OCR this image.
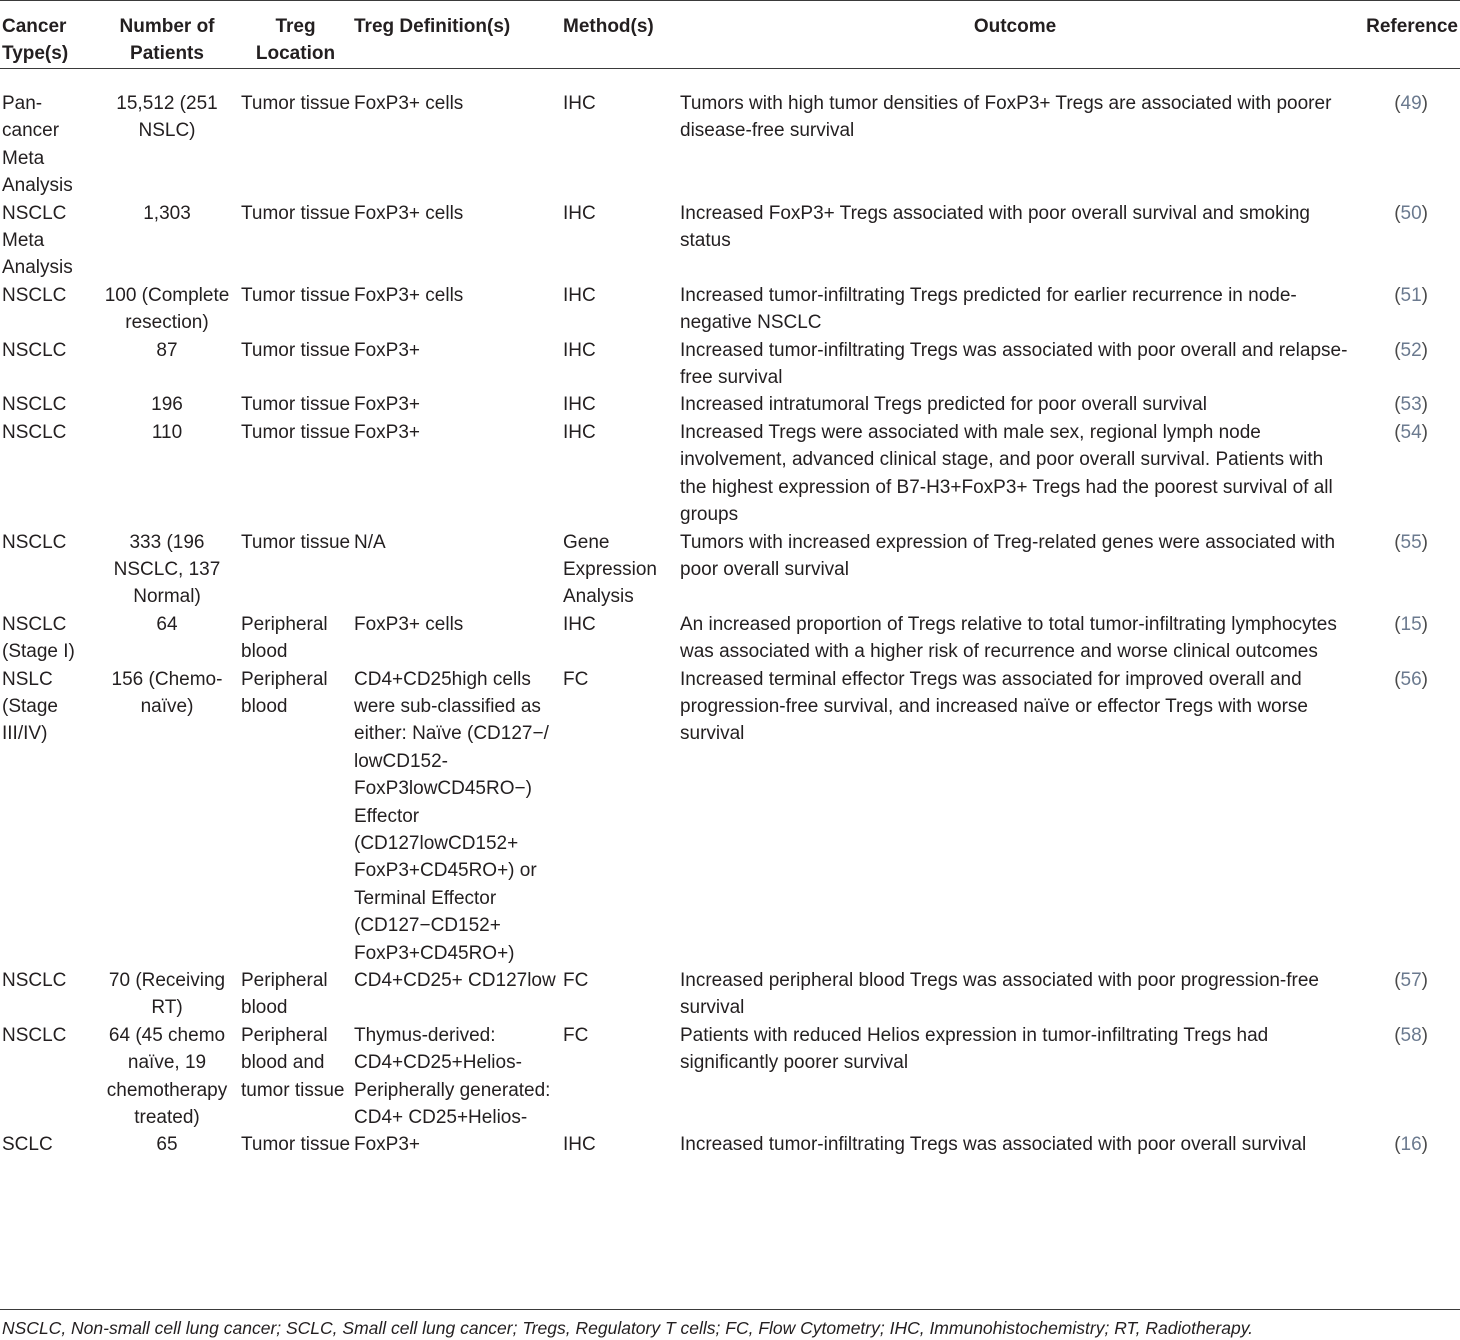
Cancer Type(s)	Number of Patients	Treg Location	Treg Definition(s)	Method(s)	Outcome	Reference
Pan-cancer Meta Analysis	15,512 (251 NSLC)	Tumor tissue	FoxP3+ cells	IHC	Tumors with high tumor densities of FoxP3+ Tregs are associated with poorer disease-free survival	(49)
NSCLC Meta Analysis	1,303	Tumor tissue	FoxP3+ cells	IHC	Increased FoxP3+ Tregs associated with poor overall survival and smoking status	(50)
NSCLC	100 (Complete resection)	Tumor tissue	FoxP3+ cells	IHC	Increased tumor-infiltrating Tregs predicted for earlier recurrence in node-negative NSCLC	(51)
NSCLC	87	Tumor tissue	FoxP3+	IHC	Increased tumor-infiltrating Tregs was associated with poor overall and relapse-free survival	(52)
NSCLC	196	Tumor tissue	FoxP3+	IHC	Increased intratumoral Tregs predicted for poor overall survival	(53)
NSCLC	110	Tumor tissue	FoxP3+	IHC	Increased Tregs were associated with male sex, regional lymph node involvement, advanced clinical stage, and poor overall survival. Patients with the highest expression of B7-H3+FoxP3+ Tregs had the poorest survival of all groups	(54)
NSCLC	333 (196 NSCLC, 137 Normal)	Tumor tissue	N/A	Gene Expression Analysis	Tumors with increased expression of Treg-related genes were associated with poor overall survival	(55)
NSCLC (Stage I)	64	Peripheral blood	FoxP3+ cells	IHC	An increased proportion of Tregs relative to total tumor-infiltrating lymphocytes was associated with a higher risk of recurrence and worse clinical outcomes	(15)
NSLC (Stage III/IV)	156 (Chemo-naïve)	Peripheral blood	CD4+CD25high cells were sub-classified as either: Naïve (CD127−/ lowCD152- FoxP3lowCD45RO−) Effector (CD127lowCD152+ FoxP3+CD45RO+) or Terminal Effector (CD127−CD152+ FoxP3+CD45RO+)	FC	Increased terminal effector Tregs was associated for improved overall and progression-free survival, and increased naïve or effector Tregs with worse survival	(56)
NSCLC	70 (Receiving RT)	Peripheral blood	CD4+CD25+ CD127low	FC	Increased peripheral blood Tregs was associated with poor progression-free survival	(57)
NSCLC	64 (45 chemo naïve, 19 chemotherapy treated)	Peripheral blood and tumor tissue	Thymus-derived: CD4+CD25+Helios- Peripherally generated: CD4+ CD25+Helios-	FC	Patients with reduced Helios expression in tumor-infiltrating Tregs had significantly poorer survival	(58)
SCLC	65	Tumor tissue	FoxP3+	IHC	Increased tumor-infiltrating Tregs was associated with poor overall survival	(16)
NSCLC, Non-small cell lung cancer; SCLC, Small cell lung cancer; Tregs, Regulatory T cells; FC, Flow Cytometry; IHC, Immunohistochemistry; RT, Radiotherapy.
